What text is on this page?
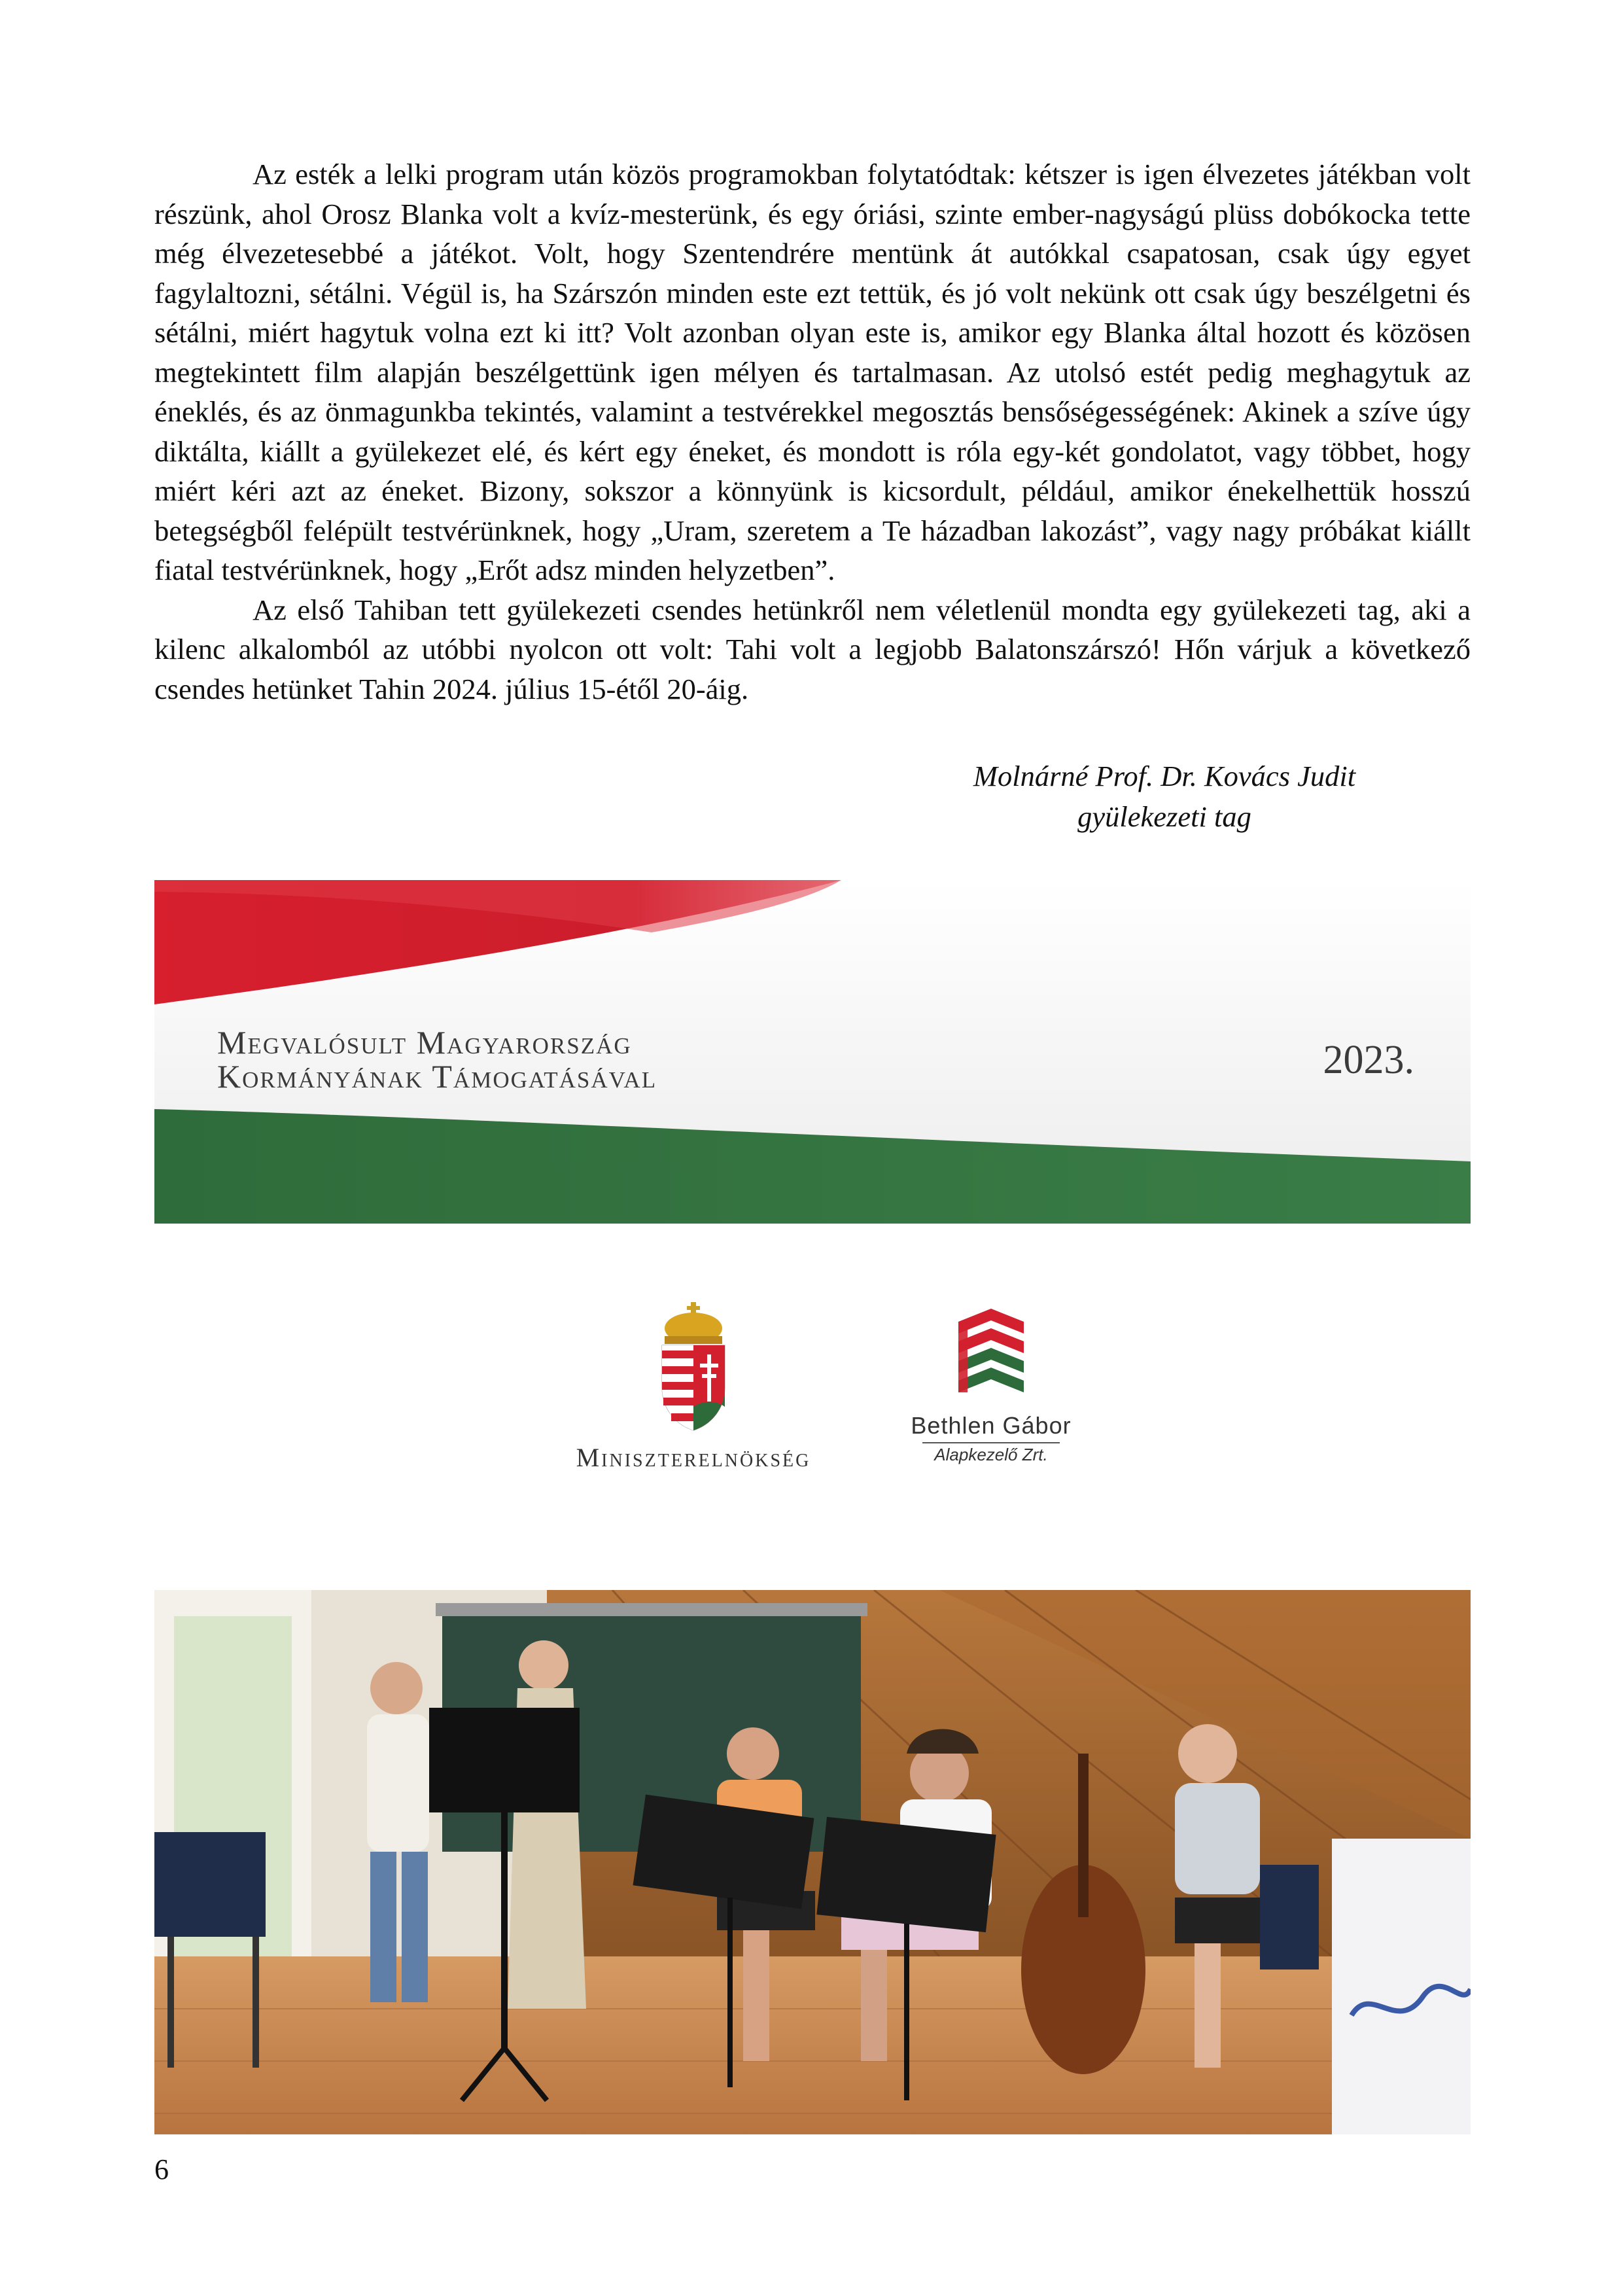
Az esték a lelki program után közös programokban folytatódtak: kétszer is igen élvezetes játékban volt részünk, ahol Orosz Blanka volt a kvíz-mesterünk, és egy óriási, szinte ember-nagyságú plüss dobókocka tette még élvezetesebbé a játékot. Volt, hogy Szentendrére mentünk át autókkal csapatosan, csak úgy egyet fagylaltozni, sétálni. Végül is, ha Szárszón minden este ezt tettük, és jó volt nekünk ott csak úgy beszélgetni és sétálni, miért hagytuk volna ezt ki itt? Volt azonban olyan este is, amikor egy Blanka által hozott és közösen megtekintett film alapján beszélgettünk igen mélyen és tartalmasan. Az utolsó estét pedig meghagytuk az éneklés, és az önmagunkba tekintés, valamint a testvérekkel megosztás bensőségességének: Akinek a szíve úgy diktálta, kiállt a gyülekezet elé, és kért egy éneket, és mondott is róla egy-két gondolatot, vagy többet, hogy miért kéri azt az éneket. Bizony, sokszor a könnyünk is kicsordult, például, amikor énekelhettük hosszú betegségből felépült testvérünknek, hogy „Uram, szeretem a Te házadban lakozást”, vagy nagy próbákat kiállt fiatal testvérünknek, hogy „Erőt adsz minden helyzetben”.

Az első Tahiban tett gyülekezeti csendes hetünkről nem véletlenül mondta egy gyülekezeti tag, aki a kilenc alkalomból az utóbbi nyolcon ott volt: Tahi volt a legjobb Balatonszárszó! Hőn várjuk a következő csendes hetünket Tahin 2024. július 15-étől 20-áig.

Molnárné Prof. Dr. Kovács Judit
gyülekezeti tag
Megvalósult Magyarország
Kormányának Támogatásával	2023.
Miniszterelnökség
Bethlen Gábor
Alapkezelő Zrt.
6
